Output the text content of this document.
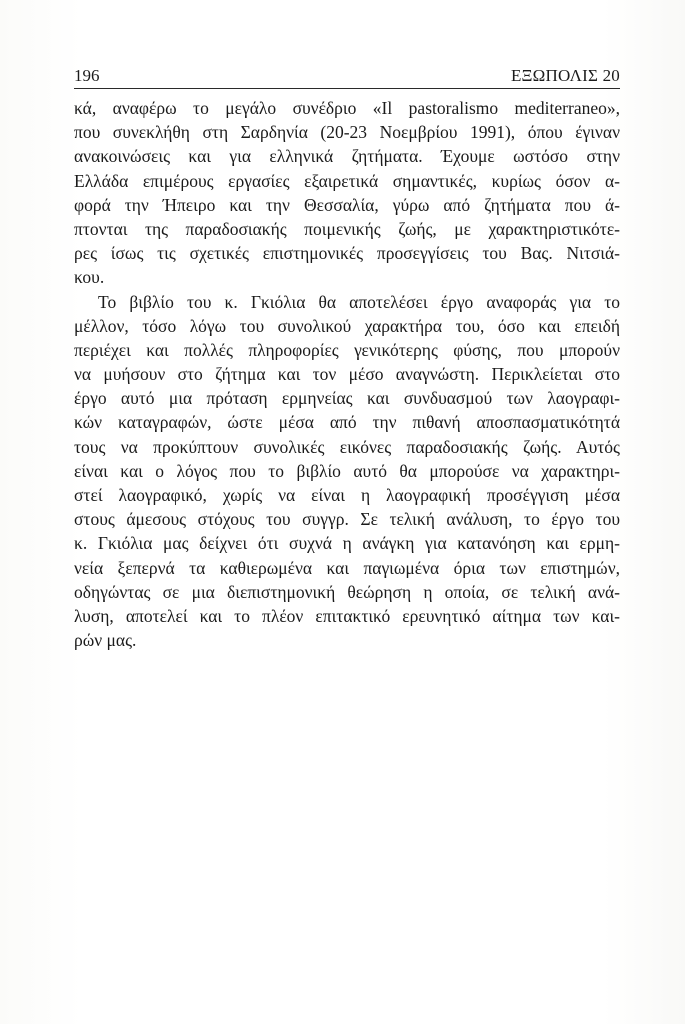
196	ΕΞΩΠΟΛΙΣ 20
κά, αναφέρω το μεγάλο συνέδριο «Il pastoralismo mediterraneo»,
που συνεκλήθη στη Σαρδηνία (20-23 Νοεμβρίου 1991), όπου έγιναν
ανακοινώσεις και για ελληνικά ζητήματα. Έχουμε ωστόσο στην
Ελλάδα επιμέρους εργασίες εξαιρετικά σημαντικές, κυρίως όσον α-
φορά την Ήπειρο και την Θεσσαλία, γύρω από ζητήματα που ά-
πτονται της παραδοσιακής ποιμενικής ζωής, με χαρακτηριστικότε-
ρες ίσως τις σχετικές επιστημονικές προσεγγίσεις του Βας. Νιτσιά-
κου.
Το βιβλίο του κ. Γκιόλια θα αποτελέσει έργο αναφοράς για το
μέλλον, τόσο λόγω του συνολικού χαρακτήρα του, όσο και επειδή
περιέχει και πολλές πληροφορίες γενικότερης φύσης, που μπορούν
να μυήσουν στο ζήτημα και τον μέσο αναγνώστη. Περικλείεται στο
έργο αυτό μια πρόταση ερμηνείας και συνδυασμού των λαογραφι-
κών καταγραφών, ώστε μέσα από την πιθανή αποσπασματικότητά
τους να προκύπτουν συνολικές εικόνες παραδοσιακής ζωής. Αυτός
είναι και ο λόγος που το βιβλίο αυτό θα μπορούσε να χαρακτηρι-
στεί λαογραφικό, χωρίς να είναι η λαογραφική προσέγγιση μέσα
στους άμεσους στόχους του συγγρ. Σε τελική ανάλυση, το έργο του
κ. Γκιόλια μας δείχνει ότι συχνά η ανάγκη για κατανόηση και ερμη-
νεία ξεπερνά τα καθιερωμένα και παγιωμένα όρια των επιστημών,
οδηγώντας σε μια διεπιστημονική θεώρηση η οποία, σε τελική ανά-
λυση, αποτελεί και το πλέον επιτακτικό ερευνητικό αίτημα των και-
ρών μας.
